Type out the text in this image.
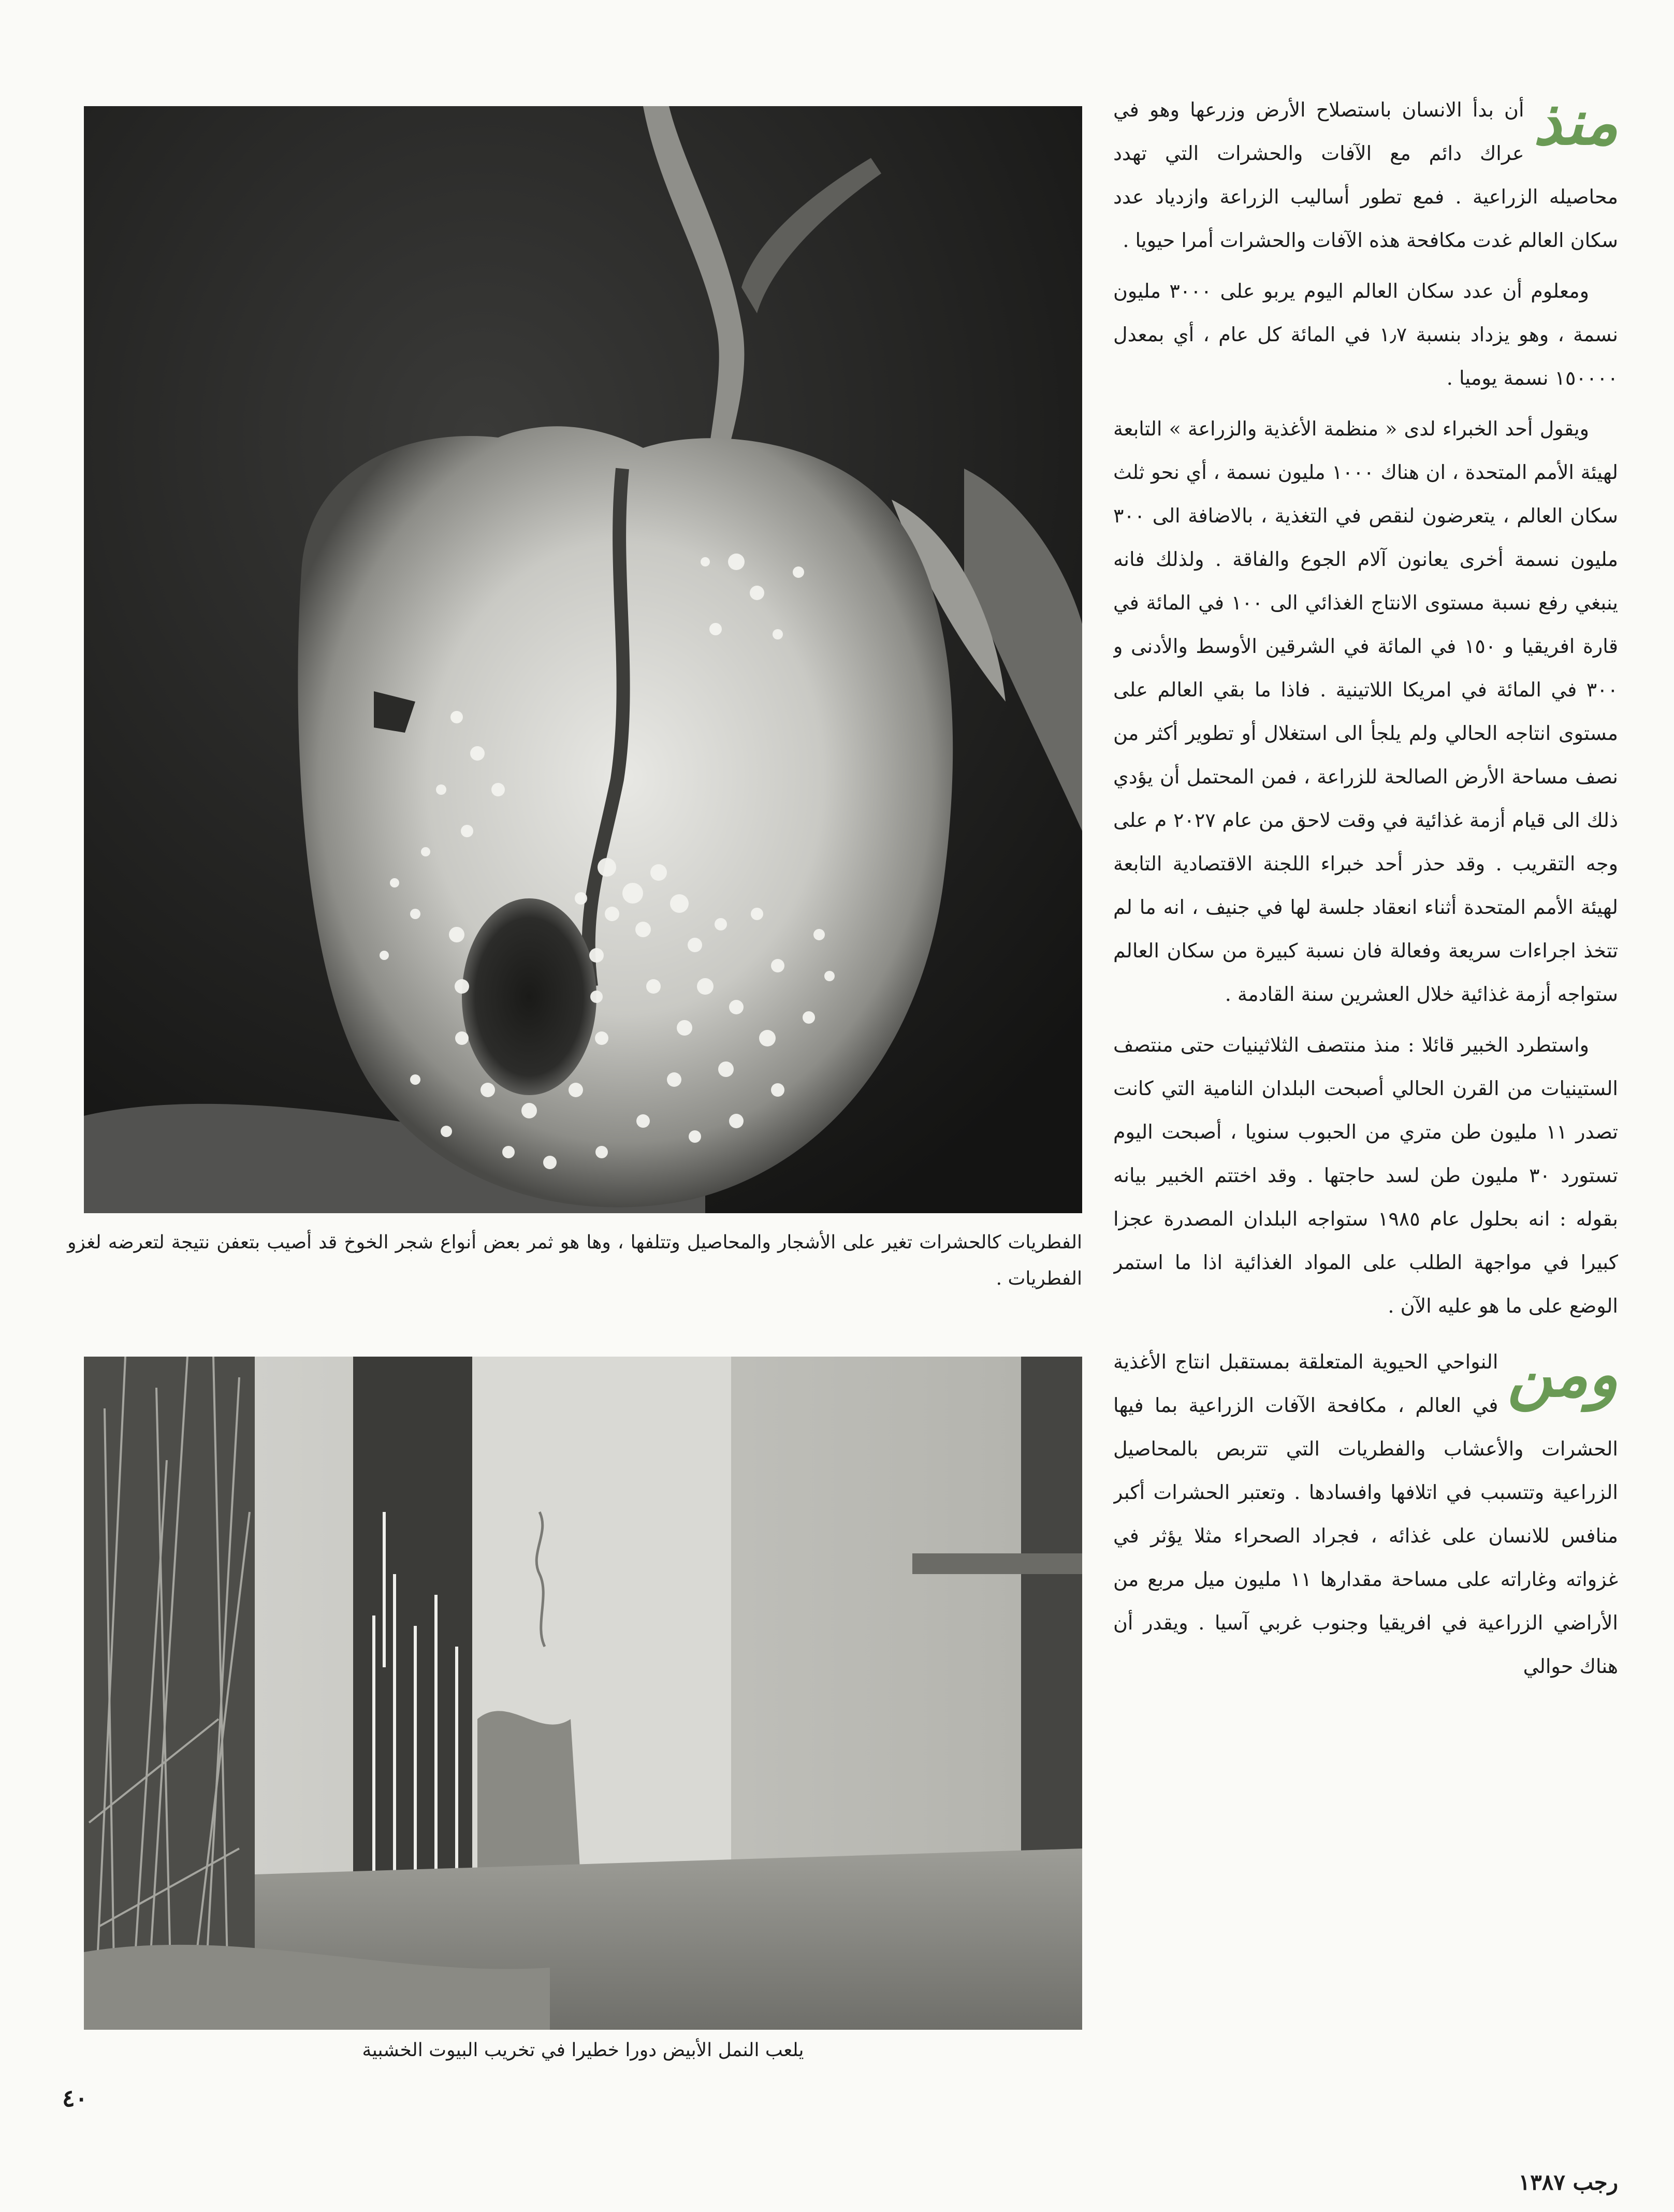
الفطريات كالحشرات تغير على الأشجار والمحاصيل وتتلفها ، وها هو ثمر بعض أنواع شجر الخوخ قد أصيب بتعفن نتيجة لتعرضه لغزو الفطريات .
يلعب النمل الأبيض دورا خطيرا في تخريب البيوت الخشبية

منذ
أن بدأ الانسان باستصلاح الأرض وزرعها وهو في عراك دائم مع الآفات والحشرات التي تهدد محاصيله الزراعية . فمع تطور أساليب الزراعة وازدياد عدد سكان العالم غدت مكافحة هذه الآفات والحشرات أمرا حيويا .

ومعلوم أن عدد سكان العالم اليوم يربو على ٣٠٠٠ مليون نسمة ، وهو يزداد بنسبة ١٫٧ في المائة كل عام ، أي بمعدل ١٥٠٠٠٠ نسمة يوميا .

ويقول أحد الخبراء لدى « منظمة الأغذية والزراعة » التابعة لهيئة الأمم المتحدة ، ان هناك ١٠٠٠ مليون نسمة ، أي نحو ثلث سكان العالم ، يتعرضون لنقص في التغذية ، بالاضافة الى ٣٠٠ مليون نسمة أخرى يعانون آلام الجوع والفاقة . ولذلك فانه ينبغي رفع نسبة مستوى الانتاج الغذائي الى ١٠٠ في المائة في قارة افريقيا و ١٥٠ في المائة في الشرقين الأوسط والأدنى و ٣٠٠ في المائة في امريكا اللاتينية . فاذا ما بقي العالم على مستوى انتاجه الحالي ولم يلجأ الى استغلال أو تطوير أكثر من نصف مساحة الأرض الصالحة للزراعة ، فمن المحتمل أن يؤدي ذلك الى قيام أزمة غذائية في وقت لاحق من عام ٢٠٢٧ م على وجه التقريب . وقد حذر أحد خبراء اللجنة الاقتصادية التابعة لهيئة الأمم المتحدة أثناء انعقاد جلسة لها في جنيف ، انه ما لم تتخذ اجراءات سريعة وفعالة فان نسبة كبيرة من سكان العالم ستواجه أزمة غذائية خلال العشرين سنة القادمة .

واستطرد الخبير قائلا : منذ منتصف الثلاثينيات حتى منتصف الستينيات من القرن الحالي أصبحت البلدان النامية التي كانت تصدر ١١ مليون طن متري من الحبوب سنويا ، أصبحت اليوم تستورد ٣٠ مليون طن لسد حاجتها . وقد اختتم الخبير بيانه بقوله : انه بحلول عام ١٩٨٥ ستواجه البلدان المصدرة عجزا كبيرا في مواجهة الطلب على المواد الغذائية اذا ما استمر الوضع على ما هو عليه الآن .

ومن
النواحي الحيوية المتعلقة بمستقبل انتاج الأغذية في العالم ، مكافحة الآفات الزراعية بما فيها الحشرات والأعشاب والفطريات التي تتربص بالمحاصيل الزراعية وتتسبب في اتلافها وافسادها . وتعتبر الحشرات أكبر منافس للانسان على غذائه ، فجراد الصحراء مثلا يؤثر في غزواته وغاراته على مساحة مقدارها ١١ مليون ميل مربع من الأراضي الزراعية في افريقيا وجنوب غربي آسيا . ويقدر أن هناك حوالي

٤٠
رجب ١٣٨٧
